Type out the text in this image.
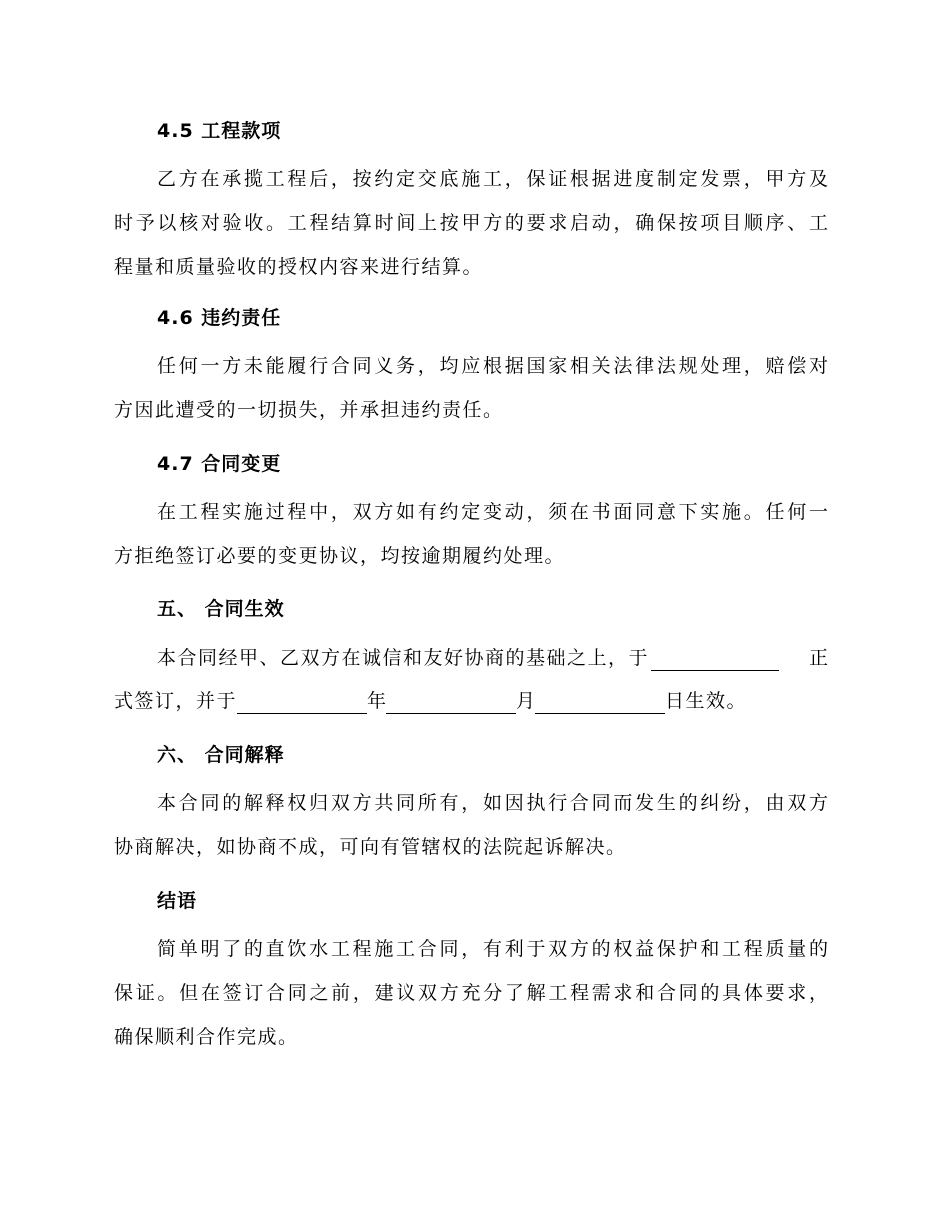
4.5 工程款项
乙方在承揽工程后，按约定交底施工，保证根据进度制定发票，甲方及
时予以核对验收。工程结算时间上按甲方的要求启动，确保按项目顺序、工
程量和质量验收的授权内容来进行结算。
4.6 违约责任
任何一方未能履行合同义务，均应根据国家相关法律法规处理，赔偿对
方因此遭受的一切损失，并承担违约责任。
4.7 合同变更
在工程实施过程中，双方如有约定变动，须在书面同意下实施。任何一
方拒绝签订必要的变更协议，均按逾期履约处理。
五、 合同生效
本合同经甲、乙双方在诚信和友好协商的基础之上，于	正
式签订，并于	年	月	日生效。
六、 合同解释
本合同的解释权归双方共同所有，如因执行合同而发生的纠纷，由双方
协商解决，如协商不成，可向有管辖权的法院起诉解决。
结语
简单明了的直饮水工程施工合同，有利于双方的权益保护和工程质量的
保证。但在签订合同之前，建议双方充分了解工程需求和合同的具体要求，
确保顺利合作完成。
